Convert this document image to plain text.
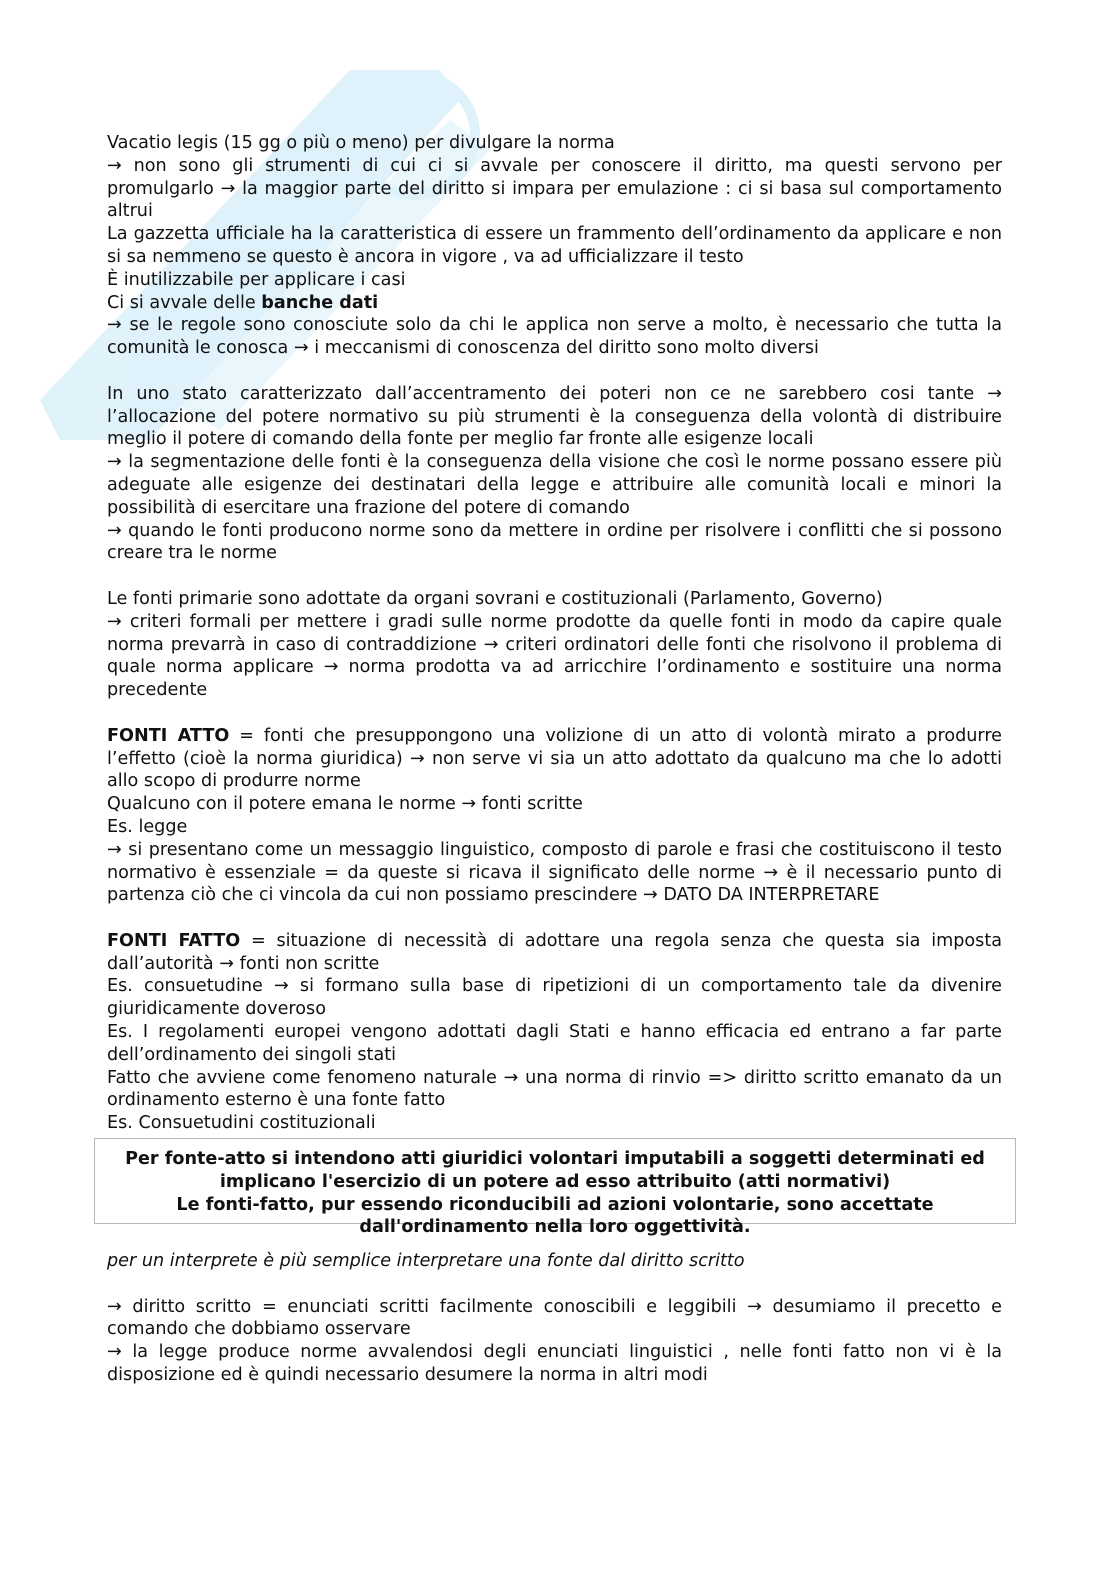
Vacatio legis (15 gg o più o meno) per divulgare la norma

→ non sono gli strumenti di cui ci si avvale per conoscere il diritto, ma questi servono per promulgarlo → la maggior parte del diritto si impara per emulazione : ci si basa sul comportamento altrui

La gazzetta ufficiale ha la caratteristica di essere un frammento dell’ordinamento da applicare e non si sa nemmeno se questo è ancora in vigore , va ad ufficializzare il testo

È inutilizzabile per applicare i casi

Ci si avvale delle banche dati

→ se le regole sono conosciute solo da chi le applica non serve a molto, è necessario che tutta la comunità le conosca → i meccanismi di conoscenza del diritto sono molto diversi

In uno stato caratterizzato dall’accentramento dei poteri non ce ne sarebbero cosi tante → l’allocazione del potere normativo su più strumenti è la conseguenza della volontà di distribuire meglio il potere di comando della fonte per meglio far fronte alle esigenze locali

→ la segmentazione delle fonti è la conseguenza della visione che così le norme possano essere più adeguate alle esigenze dei destinatari della legge e attribuire alle comunità locali e minori la possibilità di esercitare una frazione del potere di comando

→ quando le fonti producono norme sono da mettere in ordine per risolvere i conflitti che si possono creare tra le norme

Le fonti primarie sono adottate da organi sovrani e costituzionali (Parlamento, Governo)

→ criteri formali per mettere i gradi sulle norme prodotte da quelle fonti in modo da capire quale norma prevarrà in caso di contraddizione → criteri ordinatori delle fonti che risolvono il problema di quale norma applicare → norma prodotta va ad arricchire l’ordinamento e sostituire una norma precedente

FONTI ATTO = fonti che presuppongono una volizione di un atto di volontà mirato a produrre l’effetto (cioè la norma giuridica) → non serve vi sia un atto adottato da qualcuno ma che lo adotti allo scopo di produrre norme

Qualcuno con il potere emana le norme → fonti scritte

Es. legge

→ si presentano come un messaggio linguistico, composto di parole e frasi che costituiscono il testo normativo è essenziale = da queste si ricava il significato delle norme → è il necessario punto di partenza ciò che ci vincola da cui non possiamo prescindere → DATO DA INTERPRETARE

FONTI FATTO = situazione di necessità di adottare una regola senza che questa sia imposta dall’autorità → fonti non scritte

Es. consuetudine → si formano sulla base di ripetizioni di un comportamento tale da divenire giuridicamente doveroso

Es. I regolamenti europei vengono adottati dagli Stati e hanno efficacia ed entrano a far parte dell’ordinamento dei singoli stati

Fatto che avviene come fenomeno naturale → una norma di rinvio => diritto scritto emanato da un ordinamento esterno è una fonte fatto

Es. Consuetudini costituzionali

Per fonte-atto si intendono atti giuridici volontari imputabili a soggetti determinati ed implicano l'esercizio di un potere ad esso attribuito (atti normativi)

Le fonti-fatto, pur essendo riconducibili ad azioni volontarie, sono accettate dall'ordinamento nella loro oggettività.

per un interprete è più semplice interpretare una fonte dal diritto scritto

→ diritto scritto = enunciati scritti facilmente conoscibili e leggibili → desumiamo il precetto e comando che dobbiamo osservare

→ la legge produce norme avvalendosi degli enunciati linguistici , nelle fonti fatto non vi è la disposizione ed è quindi necessario desumere la norma in altri modi
